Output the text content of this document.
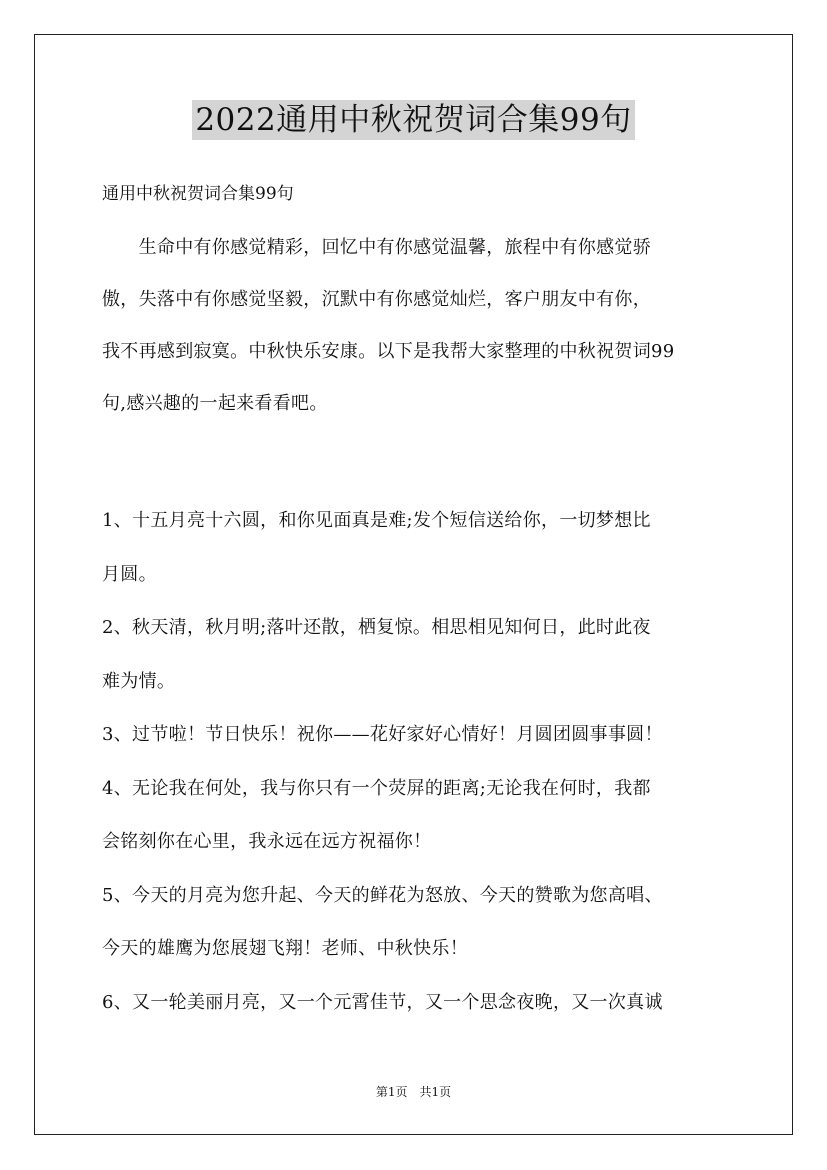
2022通用中秋祝贺词合集99句
通用中秋祝贺词合集99句
　　生命中有你感觉精彩，回忆中有你感觉温馨，旅程中有你感觉骄
傲，失落中有你感觉坚毅，沉默中有你感觉灿烂，客户朋友中有你，
我不再感到寂寞。中秋快乐安康。以下是我帮大家整理的中秋祝贺词99
句,感兴趣的一起来看看吧。
1、十五月亮十六圆，和你见面真是难;发个短信送给你，一切梦想比
月圆。
2、秋天清，秋月明;落叶还散，栖复惊。相思相见知何日，此时此夜
难为情。
3、过节啦！节日快乐！祝你——花好家好心情好！月圆团圆事事圆！
4、无论我在何处，我与你只有一个荧屏的距离;无论我在何时，我都
会铭刻你在心里，我永远在远方祝福你！
5、今天的月亮为您升起、今天的鲜花为怒放、今天的赞歌为您高唱、
今天的雄鹰为您展翅飞翔！老师、中秋快乐！
6、又一轮美丽月亮，又一个元霄佳节，又一个思念夜晚，又一次真诚
第1页　共1页
